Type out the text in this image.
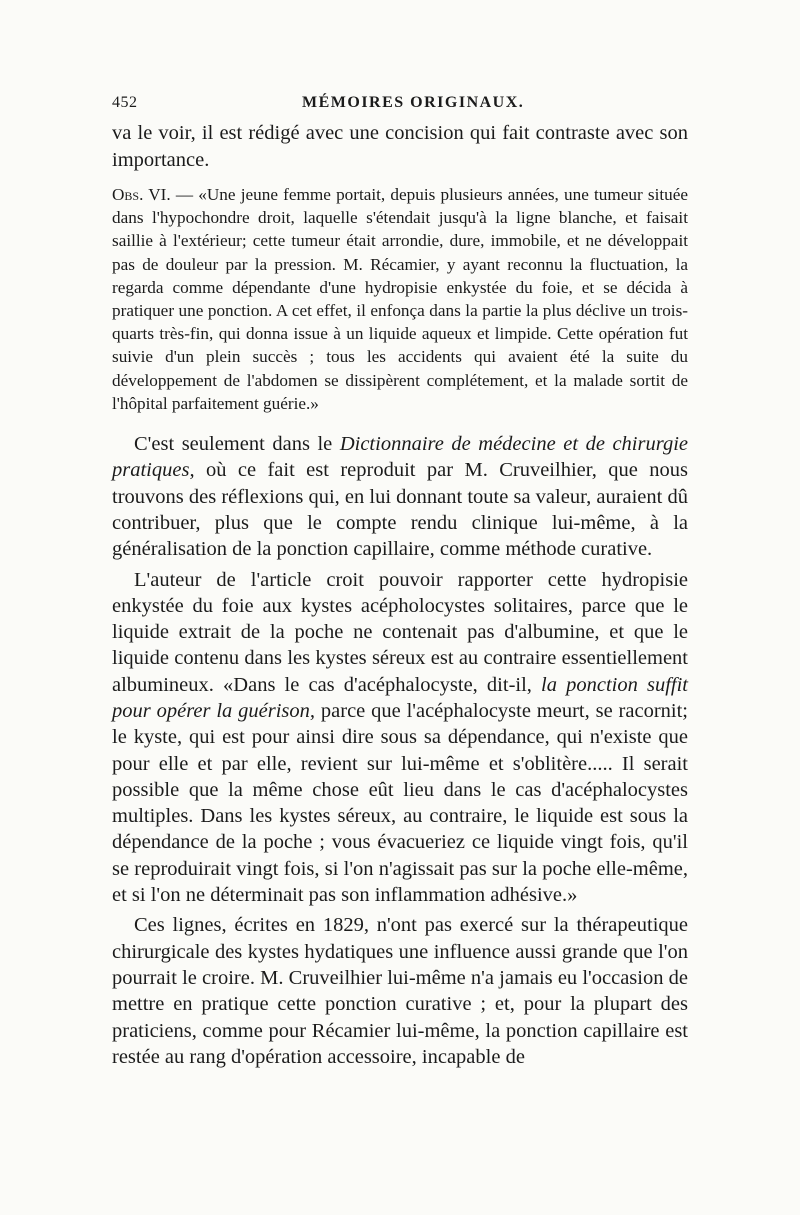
452	MÉMOIRES ORIGINAUX.

va le voir, il est rédigé avec une concision qui fait contraste avec son importance.

Obs. VI. — «Une jeune femme portait, depuis plusieurs années, une tumeur située dans l'hypochondre droit, laquelle s'étendait jusqu'à la ligne blanche, et faisait saillie à l'extérieur; cette tumeur était arrondie, dure, immobile, et ne développait pas de douleur par la pression. M. Récamier, y ayant reconnu la fluctuation, la regarda comme dépendante d'une hydropisie enkystée du foie, et se décida à pratiquer une ponction. A cet effet, il enfonça dans la partie la plus déclive un trois-quarts très-fin, qui donna issue à un liquide aqueux et limpide. Cette opération fut suivie d'un plein succès ; tous les accidents qui avaient été la suite du développement de l'abdomen se dissipèrent complétement, et la malade sortit de l'hôpital parfaitement guérie.»

C'est seulement dans le Dictionnaire de médecine et de chirurgie pratiques, où ce fait est reproduit par M. Cruveilhier, que nous trouvons des réflexions qui, en lui donnant toute sa valeur, auraient dû contribuer, plus que le compte rendu clinique lui-même, à la généralisation de la ponction capillaire, comme méthode curative.

L'auteur de l'article croit pouvoir rapporter cette hydropisie enkystée du foie aux kystes acépholocystes solitaires, parce que le liquide extrait de la poche ne contenait pas d'albumine, et que le liquide contenu dans les kystes séreux est au contraire essentiellement albumineux. «Dans le cas d'acéphalocyste, dit-il, la ponction suffit pour opérer la guérison, parce que l'acéphalocyste meurt, se racornit; le kyste, qui est pour ainsi dire sous sa dépendance, qui n'existe que pour elle et par elle, revient sur lui-même et s'oblitère..... Il serait possible que la même chose eût lieu dans le cas d'acéphalocystes multiples. Dans les kystes séreux, au contraire, le liquide est sous la dépendance de la poche ; vous évacueriez ce liquide vingt fois, qu'il se reproduirait vingt fois, si l'on n'agissait pas sur la poche elle-même, et si l'on ne déterminait pas son inflammation adhésive.»

Ces lignes, écrites en 1829, n'ont pas exercé sur la thérapeutique chirurgicale des kystes hydatiques une influence aussi grande que l'on pourrait le croire. M. Cruveilhier lui-même n'a jamais eu l'occasion de mettre en pratique cette ponction curative ; et, pour la plupart des praticiens, comme pour Récamier lui-même, la ponction capillaire est restée au rang d'opération accessoire, incapable de
